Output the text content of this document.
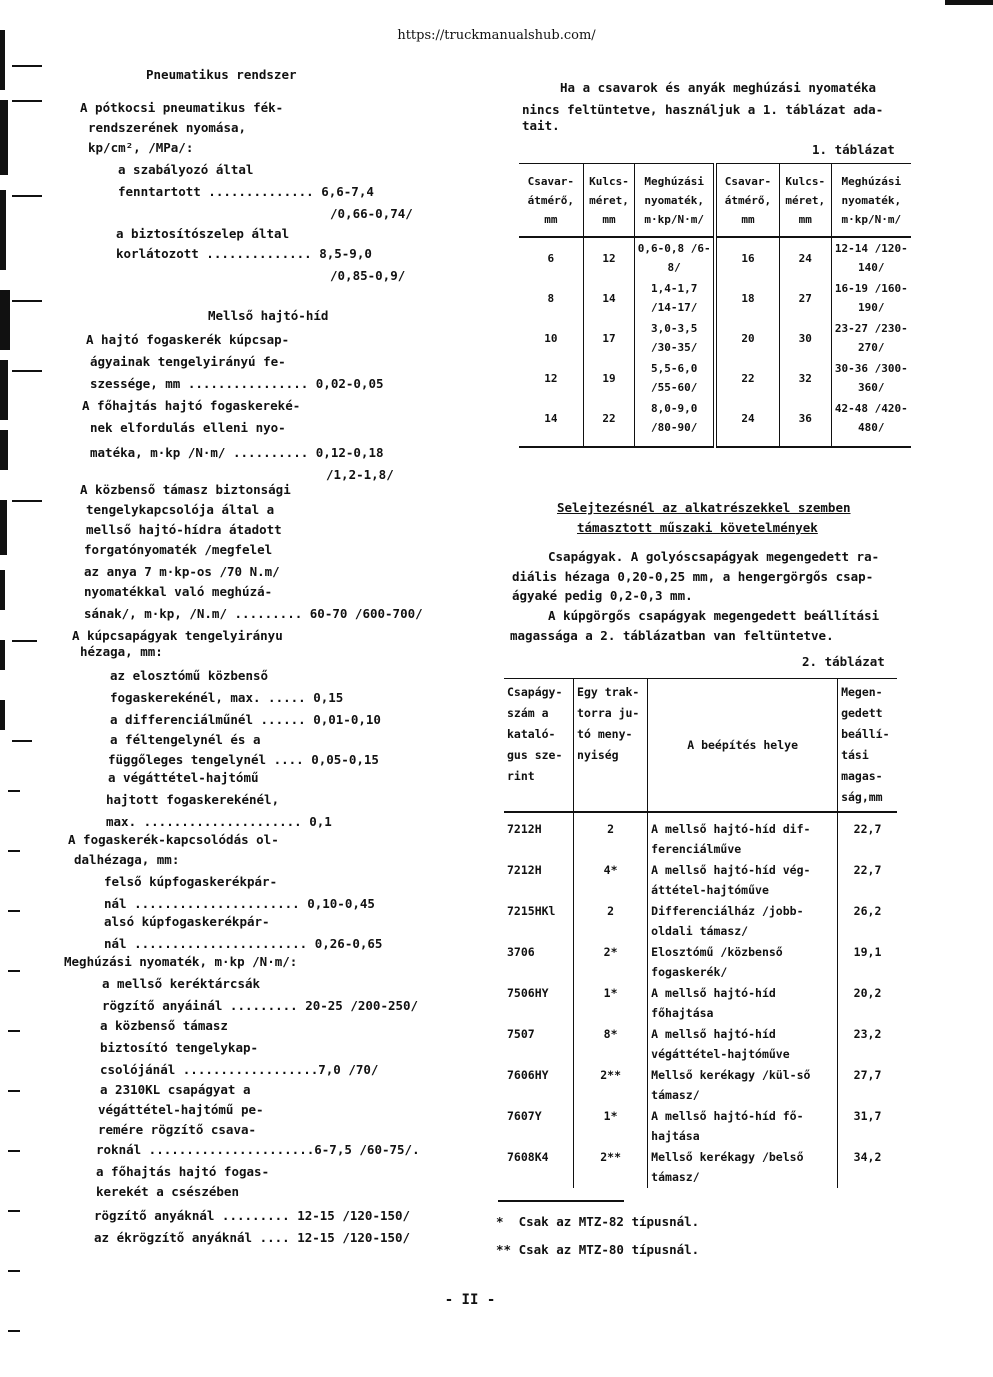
https://truckmanualshub.com/
Pneumatikus rendszer
A pótkocsi pneumatikus fék-
rendszerének nyomása,
kp/cm², /MPa/:
a szabályozó által
fenntartott .............. 6,6-7,4
/0,66-0,74/
a biztosítószelep által
korlátozott .............. 8,5-9,0
/0,85-0,9/
Mellső hajtó-híd
A hajtó fogaskerék kúpcsap-
ágyainak tengelyirányú fe-
szessége, mm ................ 0,02-0,05
A főhajtás hajtó fogaskereké-
nek elfordulás elleni nyo-
matéka, m·kp /N·m/ .......... 0,12-0,18
/1,2-1,8/
A közbenső támasz biztonsági
tengelykapcsolója által a
mellső hajtó-hídra átadott
forgatónyomaték /megfelel
az anya 7 m·kp-os /70 N.m/
nyomatékkal való meghúzá-
sának/, m·kp, /N.m/ ......... 60-70 /600-700/
A kúpcsapágyak tengelyirányu
hézaga, mm:
az elosztómű közbenső
fogaskerekénél, max. ..... 0,15
a differenciálműnél ...... 0,01-0,10
a féltengelynél és a
függőleges tengelynél .... 0,05-0,15
a végáttétel-hajtómű
hajtott fogaskerekénél,
max. ..................... 0,1
A fogaskerék-kapcsolódás ol-
dalhézaga, mm:
felső kúpfogaskerékpár-
nál ...................... 0,10-0,45
alsó kúpfogaskerékpár-
nál ....................... 0,26-0,65
Meghúzási nyomaték, m·kp /N·m/:
a mellső keréktárcsák
rögzítő anyáinál ......... 20-25 /200-250/
a közbenső támasz
biztosító tengelykap-
csolójánál ..................7,0 /70/
a 2310KL csapágyat a
végáttétel-hajtómű pe-
remére rögzítő csava-
roknál ......................6-7,5 /60-75/.
a főhajtás hajtó fogas-
kerekét a csészében
rögzítő anyáknál ......... 12-15 /120-150/
az ékrögzítő anyáknál .... 12-15 /120-150/
Ha a csavarok és anyák meghúzási nyomatéka
nincs feltüntetve, használjuk a 1. táblázat ada-
tait.
1. táblázat
Csavar-átmérő, mm	Kulcs-méret, mm	Meghúzási nyomaték, m·kp/N·m/	Csavar-átmérő, mm	Kulcs-méret, mm	Meghúzási nyomaték, m·kp/N·m/
6	12	0,6-0,8 /6-8/	16	24	12-14 /120-140/
8	14	1,4-1,7 /14-17/	18	27	16-19 /160-190/
10	17	3,0-3,5 /30-35/	20	30	23-27 /230-270/
12	19	5,5-6,0 /55-60/	22	32	30-36 /300-360/
14	22	8,0-9,0 /80-90/	24	36	42-48 /420-480/
Selejtezésnél az alkatrészekkel szemben
támasztott műszaki követelmények
Csapágyak. A golyóscsapágyak megengedett ra-
diális hézaga 0,20-0,25 mm, a hengergörgős csap-
ágyaké pedig 0,2-0,3 mm.
A kúpgörgős csapágyak megengedett beállítási
magassága a 2. táblázatban van feltüntetve.
2. táblázat
Csapágy-szám a kataló-gus sze-rint	Egy trak-torra ju-tó meny-nyiség	A beépítés helye	Megen-gedett beállí-tási magas-ság,mm
7212H	2	A mellső hajtó-híd dif-ferenciálműve	22,7
7212H	4*	A mellső hajtó-híd vég-áttétel-hajtóműve	22,7
7215HKl	2	Differenciálház /jobb-oldali támasz/	26,2
3706	2*	Elosztómű /közbenső fogaskerék/	19,1
7506HY	1*	A mellső hajtó-híd főhajtása	20,2
7507	8*	A mellső hajtó-híd végáttétel-hajtóműve	23,2
7606HY	2**	Mellső kerékagy /kül-ső támasz/	27,7
7607Y	1*	A mellső hajtó-híd fő-hajtása	31,7
7608K4	2**	Mellső kerékagy /belső támasz/	34,2
*  Csak az MTZ-82 típusnál.
** Csak az MTZ-80 típusnál.
- II -
